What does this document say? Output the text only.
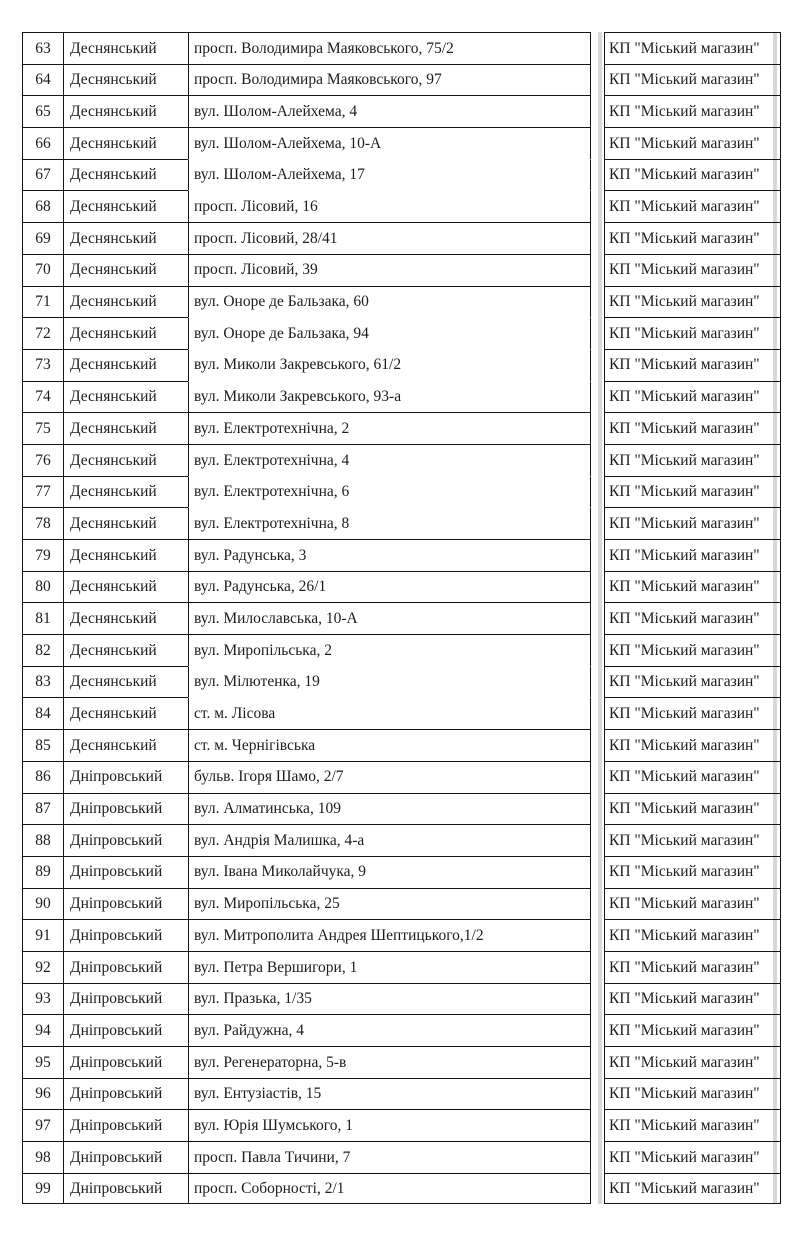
63	Деснянський	просп. Володимира Маяковського, 75/2	КП "Міський магазин"
64	Деснянський	просп. Володимира Маяковського, 97	КП "Міський магазин"
65	Деснянський	вул. Шолом-Алейхема, 4	КП "Міський магазин"
66	Деснянський	вул. Шолом-Алейхема, 10-А	КП "Міський магазин"
67	Деснянський	вул. Шолом-Алейхема, 17	КП "Міський магазин"
68	Деснянський	просп. Лісовий, 16	КП "Міський магазин"
69	Деснянський	просп. Лісовий, 28/41	КП "Міський магазин"
70	Деснянський	просп. Лісовий, 39	КП "Міський магазин"
71	Деснянський	вул. Оноре де Бальзака, 60	КП "Міський магазин"
72	Деснянський	вул. Оноре де Бальзака, 94	КП "Міський магазин"
73	Деснянський	вул. Миколи Закревського, 61/2	КП "Міський магазин"
74	Деснянський	вул. Миколи Закревського, 93-а	КП "Міський магазин"
75	Деснянський	вул. Електротехнічна, 2	КП "Міський магазин"
76	Деснянський	вул. Електротехнічна, 4	КП "Міський магазин"
77	Деснянський	вул. Електротехнічна, 6	КП "Міський магазин"
78	Деснянський	вул. Електротехнічна, 8	КП "Міський магазин"
79	Деснянський	вул. Радунська, 3	КП "Міський магазин"
80	Деснянський	вул. Радунська, 26/1	КП "Міський магазин"
81	Деснянський	вул. Милославська, 10-А	КП "Міський магазин"
82	Деснянський	вул. Миропільська, 2	КП "Міський магазин"
83	Деснянський	вул. Мілютенка, 19	КП "Міський магазин"
84	Деснянський	ст. м. Лісова	КП "Міський магазин"
85	Деснянський	ст. м. Чернігівська	КП "Міський магазин"
86	Дніпровський	бульв. Ігоря Шамо, 2/7	КП "Міський магазин"
87	Дніпровський	вул. Алматинська, 109	КП "Міський магазин"
88	Дніпровський	вул. Андрія Малишка, 4-а	КП "Міський магазин"
89	Дніпровський	вул. Івана Миколайчука, 9	КП "Міський магазин"
90	Дніпровський	вул. Миропільська, 25	КП "Міський магазин"
91	Дніпровський	вул. Митрополита Андрея Шептицького,1/2	КП "Міський магазин"
92	Дніпровський	вул. Петра Вершигори, 1	КП "Міський магазин"
93	Дніпровський	вул. Празька, 1/35	КП "Міський магазин"
94	Дніпровський	вул. Райдужна, 4	КП "Міський магазин"
95	Дніпровський	вул. Регенераторна, 5-в	КП "Міський магазин"
96	Дніпровський	вул. Ентузіастів, 15	КП "Міський магазин"
97	Дніпровський	вул. Юрія Шумського, 1	КП "Міський магазин"
98	Дніпровський	просп. Павла Тичини, 7	КП "Міський магазин"
99	Дніпровський	просп. Соборності, 2/1	КП "Міський магазин"
